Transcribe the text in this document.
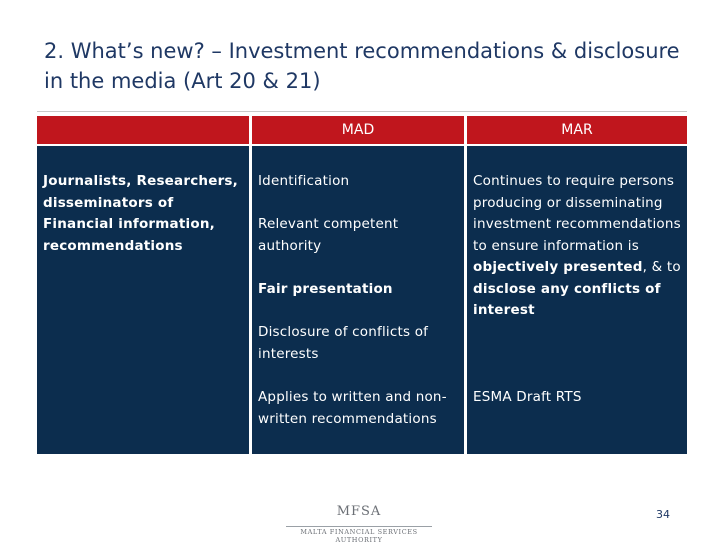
2. What’s new? – Investment recommendations & disclosure in the media (Art 20 & 21)
MAD	MAR
Journalists, Researchers, disseminators of Financial information, recommendations
Identification
Relevant competent authority
Fair presentation
Disclosure of conflicts of interests
Applies to written and non-written recommendations
Continues to require persons producing or disseminating investment recommendations to ensure information is objectively presented, & to disclose any conflicts of interest
ESMA Draft RTS
MFSA
MALTA FINANCIAL SERVICES AUTHORITY
34
